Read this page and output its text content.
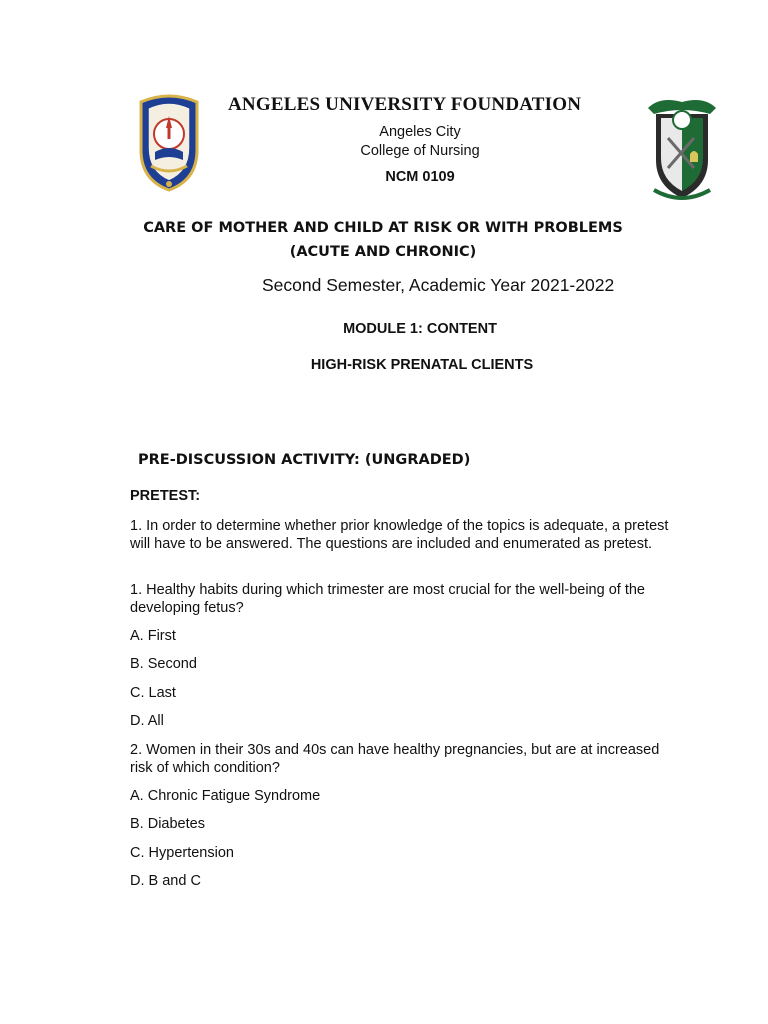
ANGELES UNIVERSITY FOUNDATION
Angeles City
College of Nursing
NCM 0109
CARE OF MOTHER AND CHILD AT RISK OR WITH PROBLEMS (ACUTE AND CHRONIC)
Second Semester, Academic Year 2021-2022
MODULE 1: CONTENT
HIGH-RISK PRENATAL CLIENTS
PRE-DISCUSSION ACTIVITY: (UNGRADED)
PRETEST:
1. In order to determine whether prior knowledge of the topics is adequate, a pretest will have to be answered. The questions are included and enumerated as pretest.
1. Healthy habits during which trimester are most crucial for the well-being of the developing fetus?
A. First
B. Second
C. Last
D. All
2. Women in their 30s and 40s can have healthy pregnancies, but are at increased risk of which condition?
A. Chronic Fatigue Syndrome
B. Diabetes
C. Hypertension
D. B and C
